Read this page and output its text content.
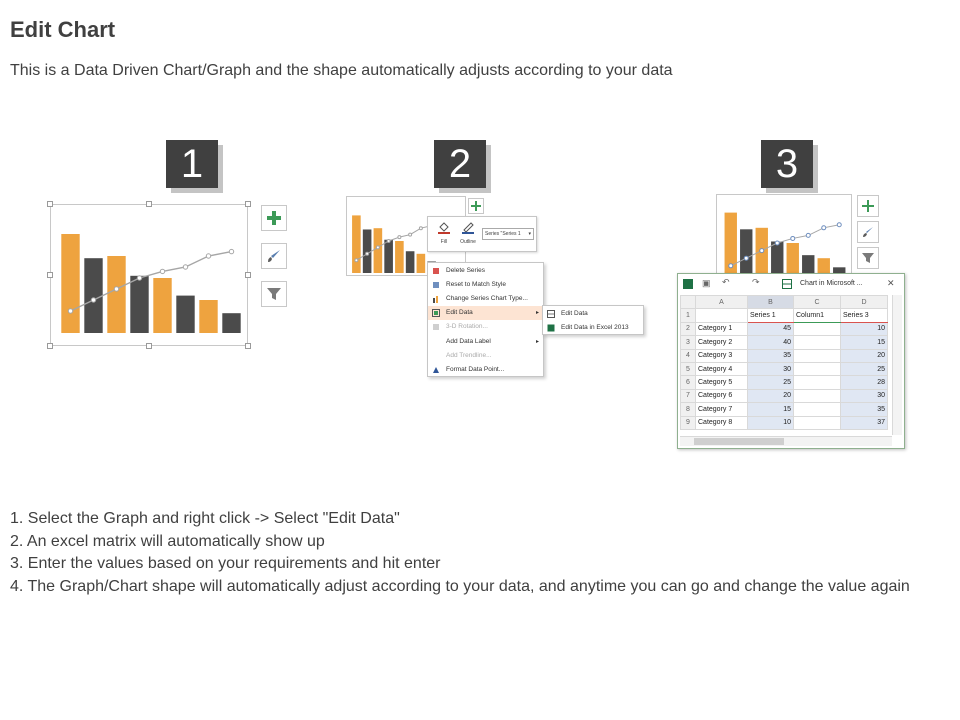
Edit Chart
This is a Data Driven Chart/Graph and the shape automatically adjusts according to your data
1	2	3
Fill	Outline
Series "Series 1 ▾
Delete Series
Reset to Match Style
Change Series Chart Type...
Edit Data	▸
3-D Rotation...
Add Data Label	▸
Add Trendline...
Format Data Point...
Edit Data
Edit Data in Excel 2013
▣ ↶ ↷	Chart in Microsoft ...	✕
	A	B	C	D
1		Series 1	Column1	Series 3
2	Category 1	45		10
3	Category 2	40		15
4	Category 3	35		20
5	Category 4	30		25
6	Category 5	25		28
7	Category 6	20		30
8	Category 7	15		35
9	Category 8	10		37

1. Select the Graph and right click -> Select "Edit Data"

2. An excel matrix will automatically show up

3. Enter the values based on your requirements and hit enter

4. The Graph/Chart shape will automatically adjust according to your data, and anytime you can go and change the value again
